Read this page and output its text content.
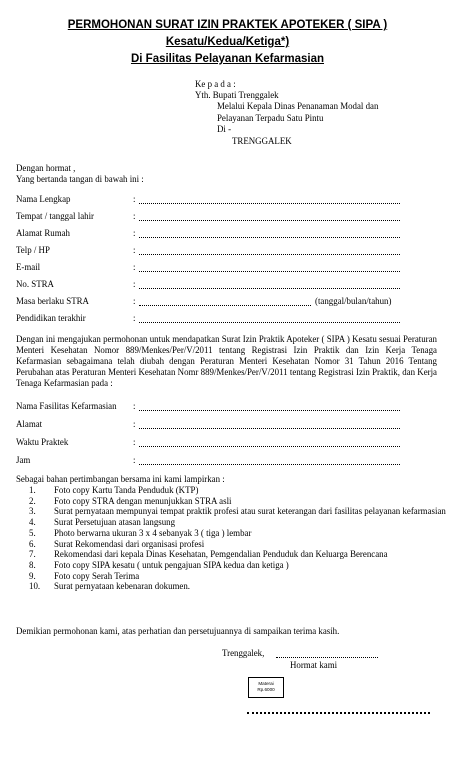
PERMOHONAN SURAT IZIN PRAKTEK APOTEKER ( SIPA )
Kesatu/Kedua/Ketiga*)
Di Fasilitas Pelayanan Kefarmasian
Ke p a d a :
Yth. Bupati Trenggalek
Melalui Kepala Dinas Penanaman Modal dan
Pelayanan Terpadu Satu Pintu
Di -
TRENGGALEK
Dengan hormat ,
Yang bertanda tangan di bawah ini :
Nama Lengkap	:
Tempat / tanggal lahir	:
Alamat Rumah	:
Telp / HP	:
E-mail	:
No. STRA	:
Masa berlaku STRA	:	(tanggal/bulan/tahun)
Pendidikan terakhir	:
Dengan ini mengajukan permohonan untuk mendapatkan Surat Izin Praktik Apoteker ( SIPA ) Kesatu sesuai Peraturan Menteri Kesehatan Nomor 889/Menkes/Per/V/2011 tentang Registrasi Izin Praktik dan Izin Kerja Tenaga Kefarmasian sebagaimana telah diubah dengan Peraturan Menteri Kesehatan Nomor 31 Tahun 2016 Tentang Perubahan atas Peraturan Menteri Kesehatan Nomr 889/Menkes/Per/V/2011 tentang Registrasi Izin Praktik, dan Kerja Tenaga Kefarmasian pada :
Nama Fasilitas Kefarmasian :
Alamat	:
Waktu Praktek	:
Jam	:
Sebagai bahan pertimbangan bersama ini kami lampirkan :
1.	Foto copy Kartu Tanda Penduduk (KTP)
2.	Foto copy STRA dengan menunjukkan STRA asli
3.	Surat pernyataan mempunyai tempat praktik profesi atau surat keterangan dari fasilitas pelayanan kefarmasian
4.	Surat Persetujuan atasan langsung
5.	Photo berwarna ukuran 3 x 4 sebanyak 3 ( tiga ) lembar
6.	Surat Rekomendasi dari organisasi profesi
7.	Rekomendasi dari kepala Dinas Kesehatan, Pemgendalian Penduduk dan Keluarga Berencana
8.	Foto copy SIPA kesatu ( untuk pengajuan SIPA kedua dan ketiga )
9.	Foto copy Serah Terima
10.	Surat pernyataan kebenaran dokumen.
Demikian permohonan kami, atas perhatian dan persetujuannya di sampaikan terima kasih.
Trenggalek,
Hormat kami
Materai
Rp.6000
